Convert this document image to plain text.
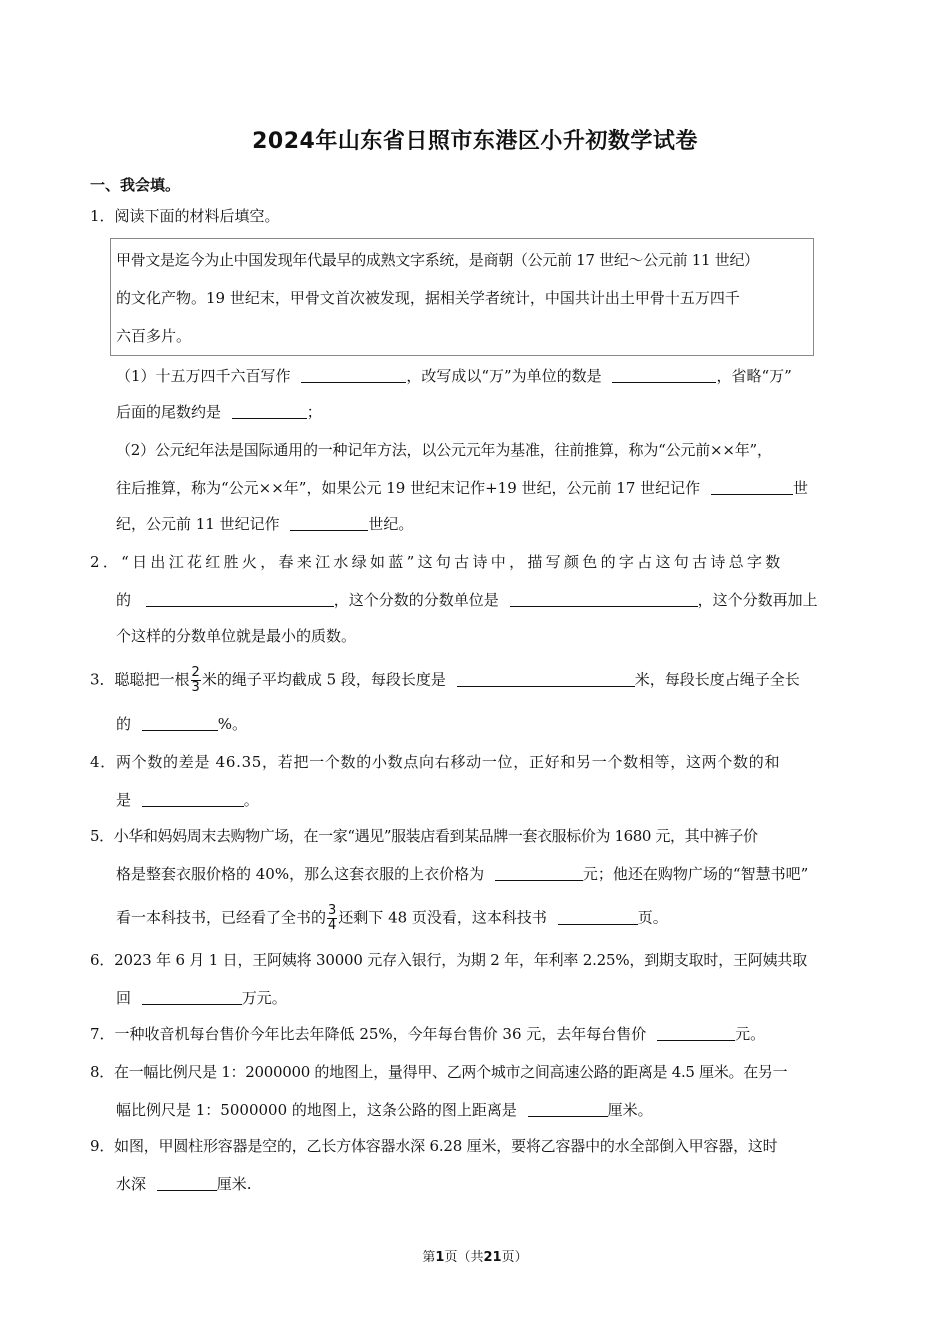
2024年山东省日照市东港区小升初数学试卷
一、我会填。
1．阅读下面的材料后填空。
甲骨文是迄今为止中国发现年代最早的成熟文字系统，是商朝（公元前 17 世纪～公元前 11 世纪）
的文化产物。19 世纪末，甲骨文首次被发现，据相关学者统计，中国共计出土甲骨十五万四千
六百多片。
（1）十五万四千六百写作	，改写成以“万”为单位的数是	，省略“万”
后面的尾数约是	；
（2）公元纪年法是国际通用的一种记年方法，以公元元年为基准，往前推算，称为“公元前××年”，
往后推算，称为“公元××年”，如果公元 19 世纪末记作+19 世纪，公元前 17 世纪记作	世
纪，公元前 11 世纪记作	世纪。
2．“日出江花红胜火，春来江水绿如蓝”这句古诗中，描写颜色的字占这句古诗总字数
的	，这个分数的分数单位是	，这个分数再加上
个这样的分数单位就是最小的质数。
3．聪聪把一根 $\frac{2}{3}$ 米的绳子平均截成 5 段，每段长度是	米，每段长度占绳子全长
的	%。
4．两个数的差是 46.35，若把一个数的小数点向右移动一位，正好和另一个数相等，这两个数的和
是	。
5．小华和妈妈周末去购物广场，在一家“遇见”服装店看到某品牌一套衣服标价为 1680 元，其中裤子价
格是整套衣服价格的 40%，那么这套衣服的上衣价格为	元；他还在购物广场的“智慧书吧”
看一本科技书，已经看了全书的 $\frac{3}{4}$ 还剩下 48 页没看，这本科技书	页。
6．2023 年 6 月 1 日，王阿姨将 30000 元存入银行，为期 2 年，年利率 2.25%，到期支取时，王阿姨共取
回	万元。
7．一种收音机每台售价今年比去年降低 25%，今年每台售价 36 元，去年每台售价	元。
8．在一幅比例尺是 1：2000000 的地图上，量得甲、乙两个城市之间高速公路的距离是 4.5 厘米。在另一
幅比例尺是 1：5000000 的地图上，这条公路的图上距离是	厘米。
9．如图，甲圆柱形容器是空的，乙长方体容器水深 6.28 厘米，要将乙容器中的水全部倒入甲容器，这时
水深	厘米.
第1页（共21页）
